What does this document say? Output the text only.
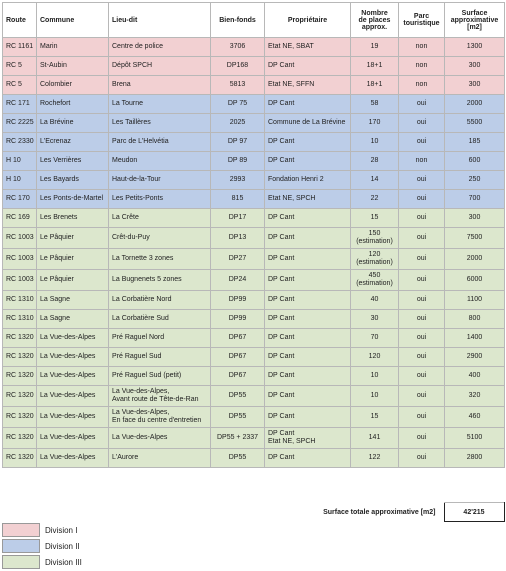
Route	Commune	Lieu-dit	Bien-fonds	Propriétaire	Nombre
de places
approx.	Parc
touristique	Surface
approximative
[m2]

RC 1161	Marin	Centre de police	3706	Etat NE, SBAT	19	non	1300
RC 5	St-Aubin	Dépôt SPCH	DP168	DP Cant	18+1	non	300
RC 5	Colombier	Brena	5813	Etat NE, SFFN	18+1	non	300
RC 171	Rochefort	La Tourne	DP 75	DP Cant	58	oui	2000
RC 2225	La Brévine	Les Taillères	2025	Commune de La Brévine	170	oui	5500
RC 2330	L'Ecrenaz	Parc de L'Helvétia	DP 97	DP Cant	10	oui	185
H 10	Les Verrières	Meudon	DP 89	DP Cant	28	non	600
H 10	Les Bayards	Haut-de-la-Tour	2993	Fondation Henri 2	14	oui	250
RC 170	Les Ponts-de-Martel	Les Petits-Ponts	815	Etat NE, SPCH	22	oui	700
RC 169	Les Brenets	La Crête	DP17	DP Cant	15	oui	300
RC 1003	Le Pâquier	Crêt-du-Puy	DP13	DP Cant	150
(estimation)	oui	7500
RC 1003	Le Pâquier	La Tornette 3 zones	DP27	DP Cant	120
(estimation)	oui	2000
RC 1003	Le Pâquier	La Bugnenets 5 zones	DP24	DP Cant	450
(estimation)	oui	6000
RC 1310	La Sagne	La Corbatière Nord	DP99	DP Cant	40	oui	1100
RC 1310	La Sagne	La Corbatière Sud	DP99	DP Cant	30	oui	800
RC 1320	La Vue-des-Alpes	Pré Raguel Nord	DP67	DP Cant	70	oui	1400
RC 1320	La Vue-des-Alpes	Pré Raguel Sud	DP67	DP Cant	120	oui	2900
RC 1320	La Vue-des-Alpes	Pré Raguel Sud (petit)	DP67	DP Cant	10	oui	400
RC 1320	La Vue-des-Alpes	La Vue-des-Alpes,
Avant route de Tête-de-Ran	DP55	DP Cant	10	oui	320
RC 1320	La Vue-des-Alpes	La Vue-des-Alpes,
En face du centre d'entretien	DP55	DP Cant	15	oui	460
RC 1320	La Vue-des-Alpes	La Vue-des-Alpes	DP55 + 2337	DP Cant
Etat NE, SPCH	141	oui	5100
RC 1320	La Vue-des-Alpes	L'Aurore	DP55	DP Cant	122	oui	2800
Surface totale approximative [m2]	42'215
Division I
Division II
Division III
